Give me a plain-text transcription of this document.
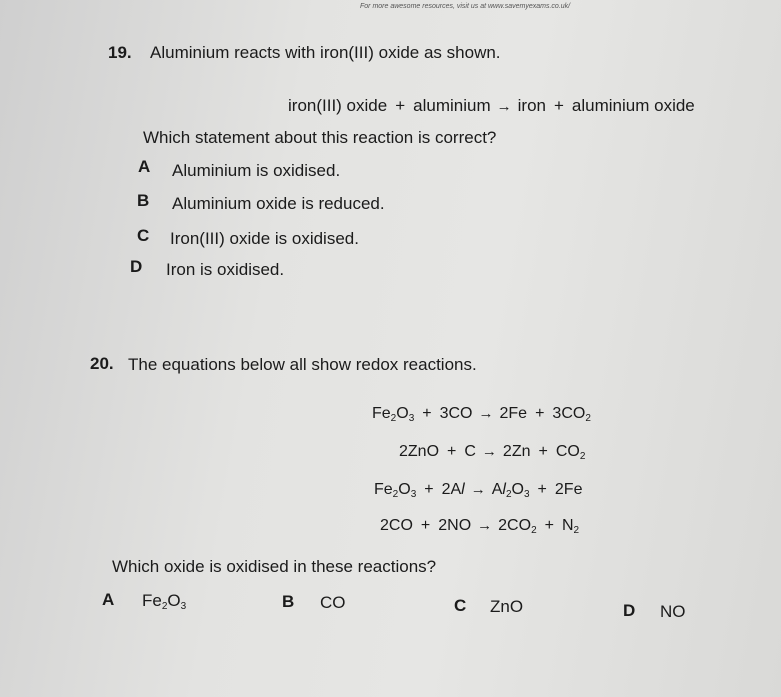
For more awesome resources, visit us at www.savemyexams.co.uk/
19. Aluminium reacts with iron(III) oxide as shown.
iron(III) oxide + aluminium → iron + aluminium oxide
Which statement about this reaction is correct?
A Aluminium is oxidised.
B Aluminium oxide is reduced.
C Iron(III) oxide is oxidised.
D Iron is oxidised.
20. The equations below all show redox reactions.
$Fe_2O_3 + 3CO \to 2Fe + 3CO_2$
$2ZnO + C \to 2Zn + CO_2$
$Fe_2O_3 + 2Al \to Al_2O_3 + 2Fe$
$2CO + 2NO \to 2CO_2 + N_2$
Which oxide is oxidised in these reactions?
A $Fe_2O_3$	B CO	C ZnO	D NO
